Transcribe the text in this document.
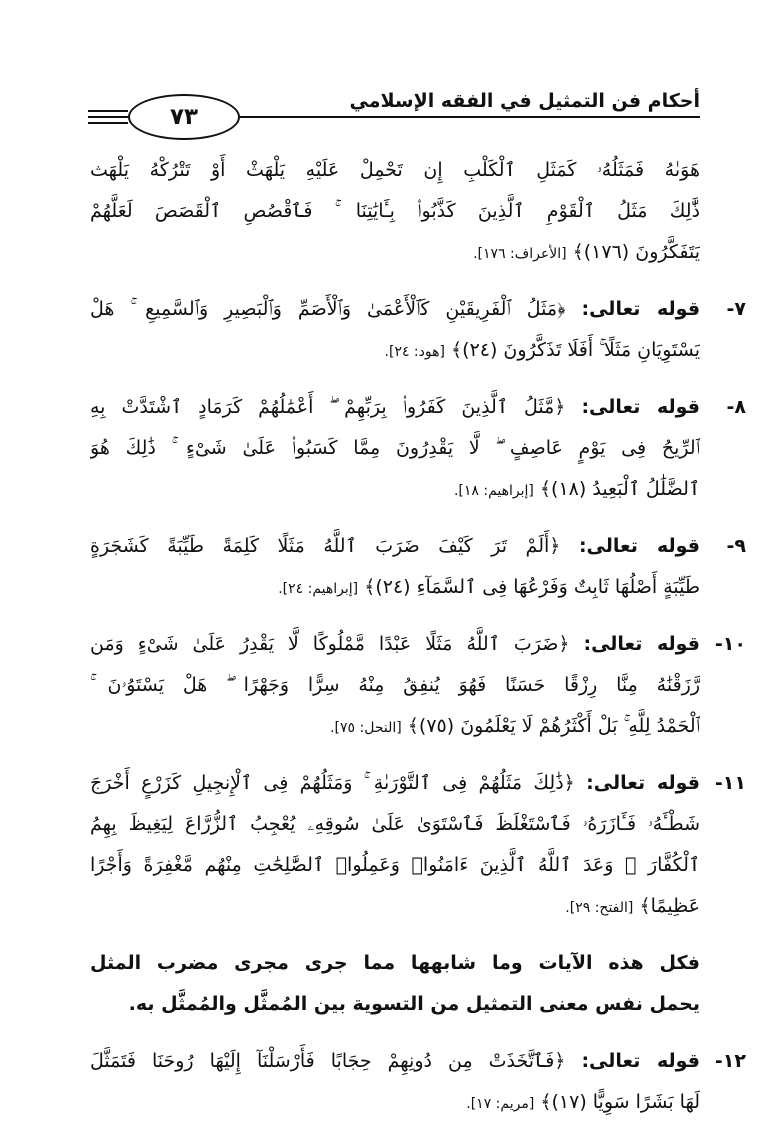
٧٣
أحكام فن التمثيل في الفقه الإسلامي
هَوَىٰهُ فَمَثَلُهُۥ كَمَثَلِ ٱلْكَلْبِ إِن تَحْمِلْ عَلَيْهِ يَلْهَثْ أَوْ تَتْرُكْهُ يَلْهَث
ذَّٰلِكَ مَثَلُ ٱلْقَوْمِ ٱلَّذِينَ كَذَّبُوا۟ بِـَٔايَٰتِنَا ۚ فَٱقْصُصِ ٱلْقَصَصَ لَعَلَّهُمْ
يَتَفَكَّرُونَ (١٧٦)﴾ [الأعراف: ١٧٦].
٧-
قوله تعالى: ﴿مَثَلُ ٱلْفَرِيقَيْنِ كَٱلْأَعْمَىٰ وَٱلْأَصَمِّ وَٱلْبَصِيرِ وَٱلسَّمِيعِ ۚ هَلْ
يَسْتَوِيَانِ مَثَلًا ۚ أَفَلَا تَذَكَّرُونَ (٢٤)﴾ [هود: ٢٤].
٨-
قوله تعالى: ﴿مَّثَلُ ٱلَّذِينَ كَفَرُوا۟ بِرَبِّهِمْ ۖ أَعْمَٰلُهُمْ كَرَمَادٍ ٱشْتَدَّتْ بِهِ
ٱلرِّيحُ فِى يَوْمٍ عَاصِفٍ ۖ لَّا يَقْدِرُونَ مِمَّا كَسَبُوا۟ عَلَىٰ شَىْءٍ ۚ ذَٰلِكَ هُوَ
ٱلضَّلَٰلُ ٱلْبَعِيدُ (١٨)﴾ [إبراهيم: ١٨].
٩-
قوله تعالى: ﴿أَلَمْ تَرَ كَيْفَ ضَرَبَ ٱللَّهُ مَثَلًا كَلِمَةً طَيِّبَةً كَشَجَرَةٍ
طَيِّبَةٍ أَصْلُهَا ثَابِتٌ وَفَرْعُهَا فِى ٱلسَّمَآءِ (٢٤)﴾ [إبراهيم: ٢٤].
١٠-
قوله تعالى: ﴿ضَرَبَ ٱللَّهُ مَثَلًا عَبْدًا مَّمْلُوكًا لَّا يَقْدِرُ عَلَىٰ شَىْءٍ وَمَن
رَّزَقْنَٰهُ مِنَّا رِزْقًا حَسَنًا فَهُوَ يُنفِقُ مِنْهُ سِرًّا وَجَهْرًا ۖ هَلْ يَسْتَوُۥنَ ۚ
ٱلْحَمْدُ لِلَّهِ ۚ بَلْ أَكْثَرُهُمْ لَا يَعْلَمُونَ (٧٥)﴾ [النحل: ٧٥].
١١-
قوله تعالى: ﴿ذَٰلِكَ مَثَلُهُمْ فِى ٱلتَّوْرَىٰةِ ۚ وَمَثَلُهُمْ فِى ٱلْإِنجِيلِ كَزَرْعٍ أَخْرَجَ
شَطْـَٔهُۥ فَـَٔازَرَهُۥ فَٱسْتَغْلَظَ فَٱسْتَوَىٰ عَلَىٰ سُوقِهِۦ يُعْجِبُ ٱلزُّرَّاعَ لِيَغِيظَ بِهِمُ
ٱلْكُفَّارَ ۗ وَعَدَ ٱللَّهُ ٱلَّذِينَ ءَامَنُوا۟ وَعَمِلُوا۟ ٱلصَّٰلِحَٰتِ مِنْهُم مَّغْفِرَةً وَأَجْرًا
عَظِيمًا﴾ [الفتح: ٢٩].
فكل هذه الآيات وما شابهها مما جرى مجرى مضرب المثل
يحمل نفس معنى التمثيل من التسوية بين المُمثَّل والمُمثَّل به.
١٢-
قوله تعالى: ﴿فَٱتَّخَذَتْ مِن دُونِهِمْ حِجَابًا فَأَرْسَلْنَآ إِلَيْهَا رُوحَنَا فَتَمَثَّلَ
لَهَا بَشَرًا سَوِيًّا (١٧)﴾ [مريم: ١٧].
